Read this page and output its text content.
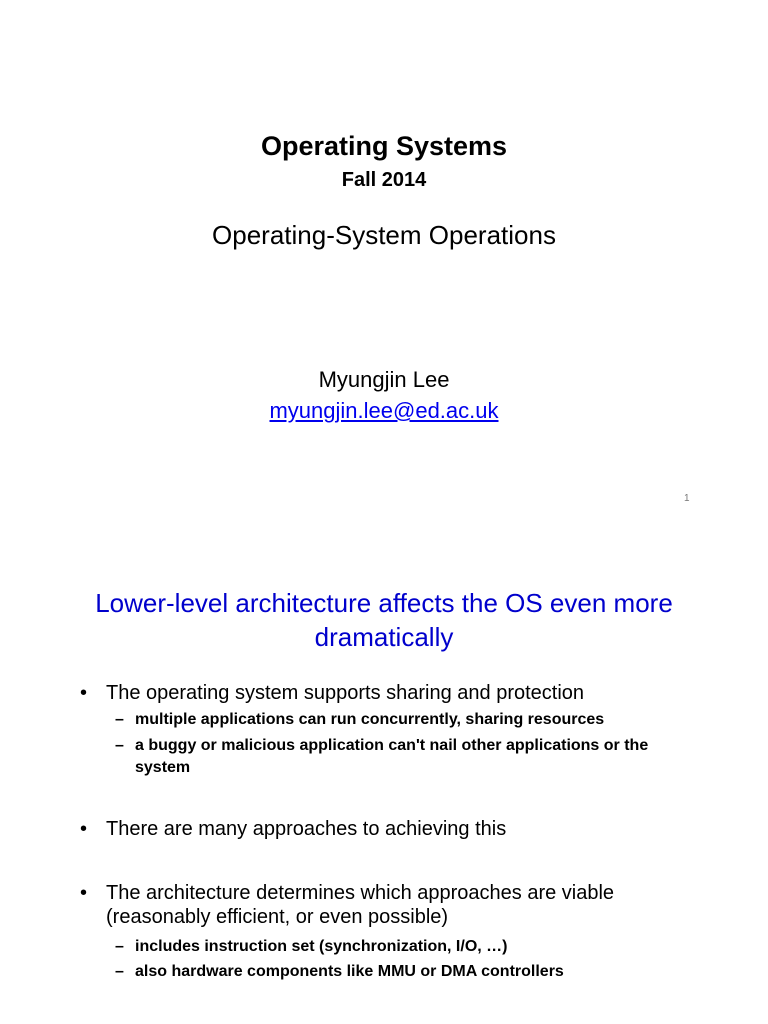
Operating Systems
Fall 2014
Operating-System Operations
Myungjin Lee
myungjin.lee@ed.ac.uk
1
Lower-level architecture affects the OS even more dramatically
• The operating system supports sharing and protection
– multiple applications can run concurrently, sharing resources
– a buggy or malicious application can't nail other applications or the system
• There are many approaches to achieving this
• The architecture determines which approaches are viable (reasonably efficient, or even possible)
– includes instruction set (synchronization, I/O, …)
– also hardware components like MMU or DMA controllers
